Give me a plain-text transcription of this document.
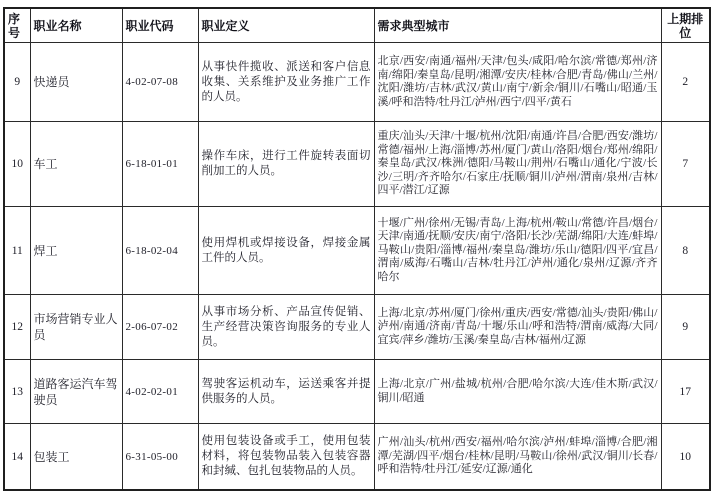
序号	职业名称	职业代码	职业定义	需求典型城市	上期排位
9	快递员	4-02-07-08	从事快件揽收、派送和客户信息收集、关系维护及业务推广工作的人员。	北京/西安/南通/福州/天津/包头/咸阳/哈尔滨/常德/郑州/济南/绵阳/秦皇岛/昆明/湘潭/安庆/桂林/合肥/青岛/佛山/兰州/沈阳/潍坊/吉林/武汉/黄山/南宁/新余/铜川/石嘴山/昭通/玉溪/呼和浩特/牡丹江/泸州/西宁/四平/黄石	2
10	车工	6-18-01-01	操作车床，进行工件旋转表面切削加工的人员。	重庆/汕头/天津/十堰/杭州/沈阳/南通/许昌/合肥/西安/潍坊/常德/福州/上海/淄博/苏州/厦门/黄山/洛阳/烟台/郑州/绵阳/秦皇岛/武汉/株洲/德阳/马鞍山/荆州/石嘴山/通化/宁波/长沙/三明/齐齐哈尔/石家庄/抚顺/铜川/泸州/渭南/泉州/吉林/四平/潜江/辽源	7
11	焊工	6-18-02-04	使用焊机或焊接设备，焊接金属工件的人员。	十堰/广州/徐州/无锡/青岛/上海/杭州/鞍山/常德/许昌/烟台/天津/南通/抚顺/安庆/南宁/洛阳/长沙/芜湖/绵阳/大连/蚌埠/马鞍山/贵阳/淄博/福州/秦皇岛/潍坊/乐山/德阳/四平/宜昌/渭南/威海/石嘴山/吉林/牡丹江/泸州/通化/泉州/辽源/齐齐哈尔	8
12	市场营销专业人员	2-06-07-02	从事市场分析、产品宣传促销、生产经营决策咨询服务的专业人员。	上海/北京/苏州/厦门/徐州/重庆/西安/常德/汕头/贵阳/佛山/泸州/南通/济南/青岛/十堰/乐山/呼和浩特/渭南/威海/大同/宜宾/萍乡/潍坊/玉溪/秦皇岛/吉林/福州/辽源	9
13	道路客运汽车驾驶员	4-02-02-01	驾驶客运机动车，运送乘客并提供服务的人员。	上海/北京/广州/盐城/杭州/合肥/哈尔滨/大连/佳木斯/武汉/铜川/昭通	17
14	包装工	6-31-05-00	使用包装设备或手工，使用包装材料，将包装物品装入包装容器和封缄、包扎包装物品的人员。	广州/汕头/杭州/西安/福州/哈尔滨/泸州/蚌埠/淄博/合肥/湘潭/芜湖/四平/烟台/桂林/昆明/马鞍山/徐州/武汉/铜川/长春/呼和浩特/牡丹江/延安/辽源/通化	10
